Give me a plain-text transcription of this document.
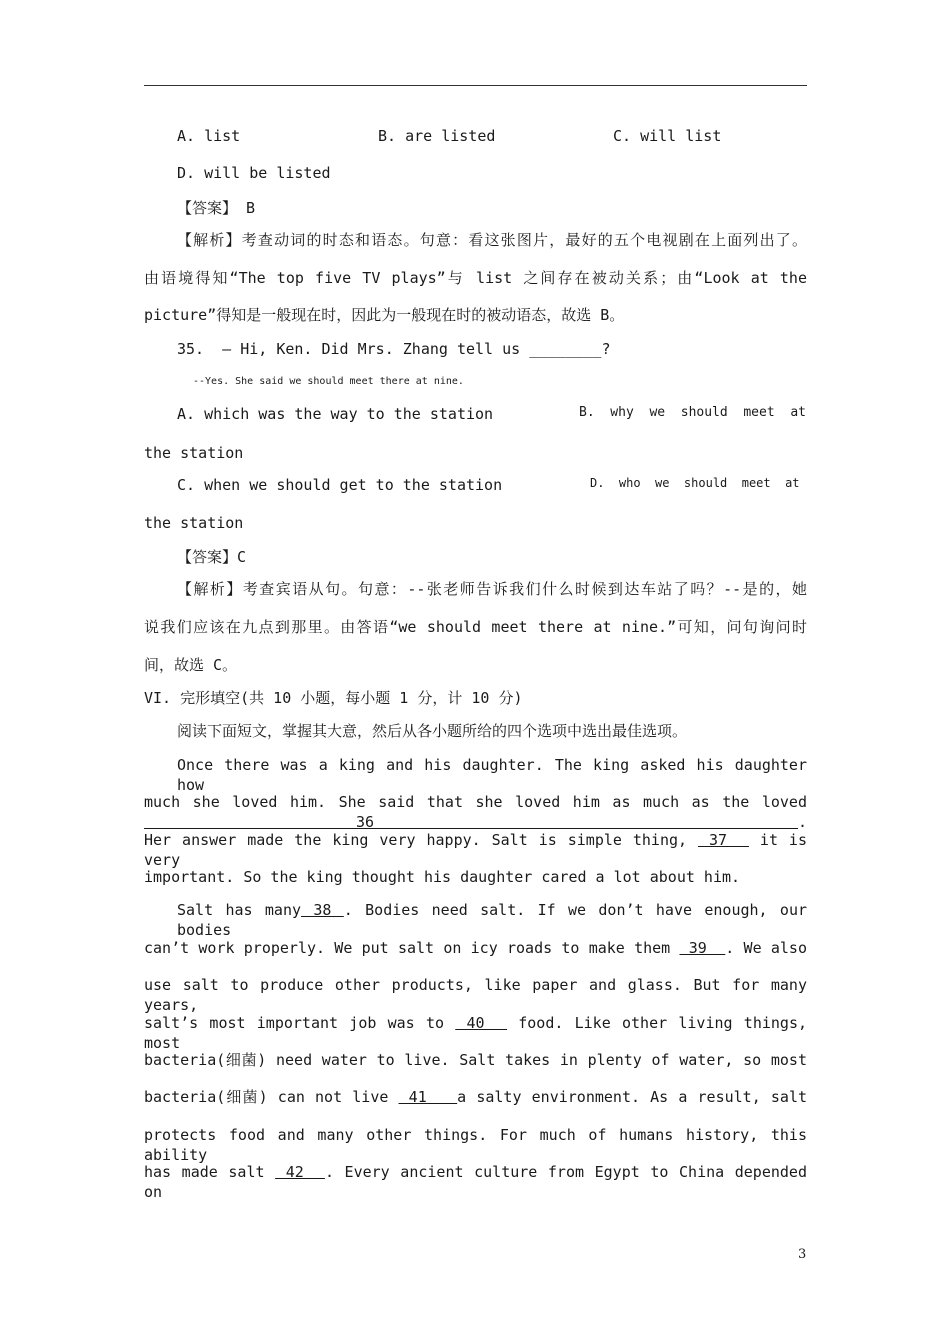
A. list	B. are listed	C. will list
D. will be listed
【答案】 B
【解析】考查动词的时态和语态。句意：看这张图片，最好的五个电视剧在上面列出了。
由语境得知“The top five TV plays”与 list 之间存在被动关系；由“Look at the
picture”得知是一般现在时，因此为一般现在时的被动语态，故选 B。
35.  – Hi, Ken. Did Mrs. Zhang tell us ________?
--Yes. She said we should meet there at nine.
A. which was the way to the station	B.  why  we  should  meet  at
the station
C. when we should get to the station	D.  who  we  should  meet  at
the station
【答案】C
【解析】考查宾语从句。句意：--张老师告诉我们什么时候到达车站了吗？--是的，她
说我们应该在九点到那里。由答语“we should meet there at nine.”可知，问句询问时
间，故选 C。
VI. 完形填空(共 10 小题，每小题 1 分，计 10 分)
阅读下面短文，掌握其大意，然后从各小题所给的四个选项中选出最佳选项。
Once there was a king and his daughter. The king asked his daughter how
much she loved him. She said that she loved him as much as the loved  36  .
Her answer made the king very happy. Salt is simple thing,  37   it is very
important. So the king thought his daughter cared a lot about him.
Salt has many 38 . Bodies need salt. If we don’t have enough, our bodies
can’t work properly. We put salt on icy roads to make them  39  . We also
use salt to produce other products, like paper and glass. But for many years,
salt’s most important job was to  40   food. Like other living things, most
bacteria(细菌) need water to live. Salt takes in plenty of water, so most
bacteria(细菌) can not live  41   a salty environment. As a result, salt
protects food and many other things. For much of humans history, this ability
has made salt  42  . Every ancient culture from Egypt to China depended on
3
